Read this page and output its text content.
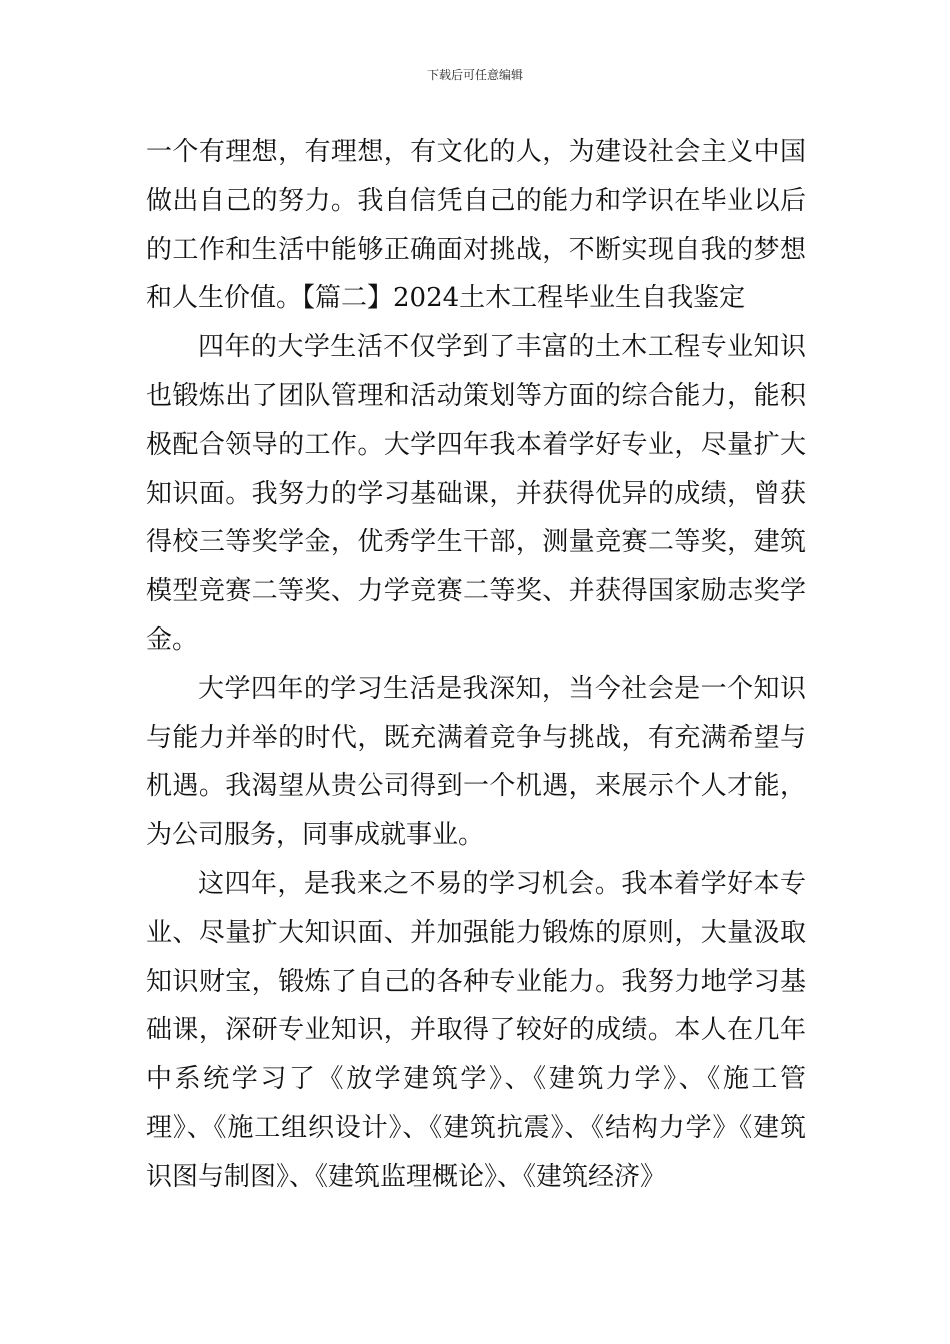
下载后可任意编辑

一个有理想，有理想，有文化的人，为建设社会主义中国做出自己的努力。我自信凭自己的能力和学识在毕业以后的工作和生活中能够正确面对挑战，不断实现自我的梦想和人生价值。【篇二】2024土木工程毕业生自我鉴定

四年的大学生活不仅学到了丰富的土木工程专业知识也锻炼出了团队管理和活动策划等方面的综合能力，能积极配合领导的工作。大学四年我本着学好专业，尽量扩大知识面。我努力的学习基础课，并获得优异的成绩，曾获得校三等奖学金，优秀学生干部，测量竞赛二等奖，建筑模型竞赛二等奖、力学竞赛二等奖、并获得国家励志奖学金。

大学四年的学习生活是我深知，当今社会是一个知识与能力并举的时代，既充满着竞争与挑战，有充满希望与机遇。我渴望从贵公司得到一个机遇，来展示个人才能，为公司服务，同事成就事业。

这四年，是我来之不易的学习机会。我本着学好本专业、尽量扩大知识面、并加强能力锻炼的原则，大量汲取知识财宝，锻炼了自己的各种专业能力。我努力地学习基础课，深研专业知识，并取得了较好的成绩。本人在几年中系统学习了《放学建筑学》、《建筑力学》、《施工管理》、《施工组织设计》、《建筑抗震》、《结构力学》《建筑识图与制图》、《建筑监理概论》、《建筑经济》
